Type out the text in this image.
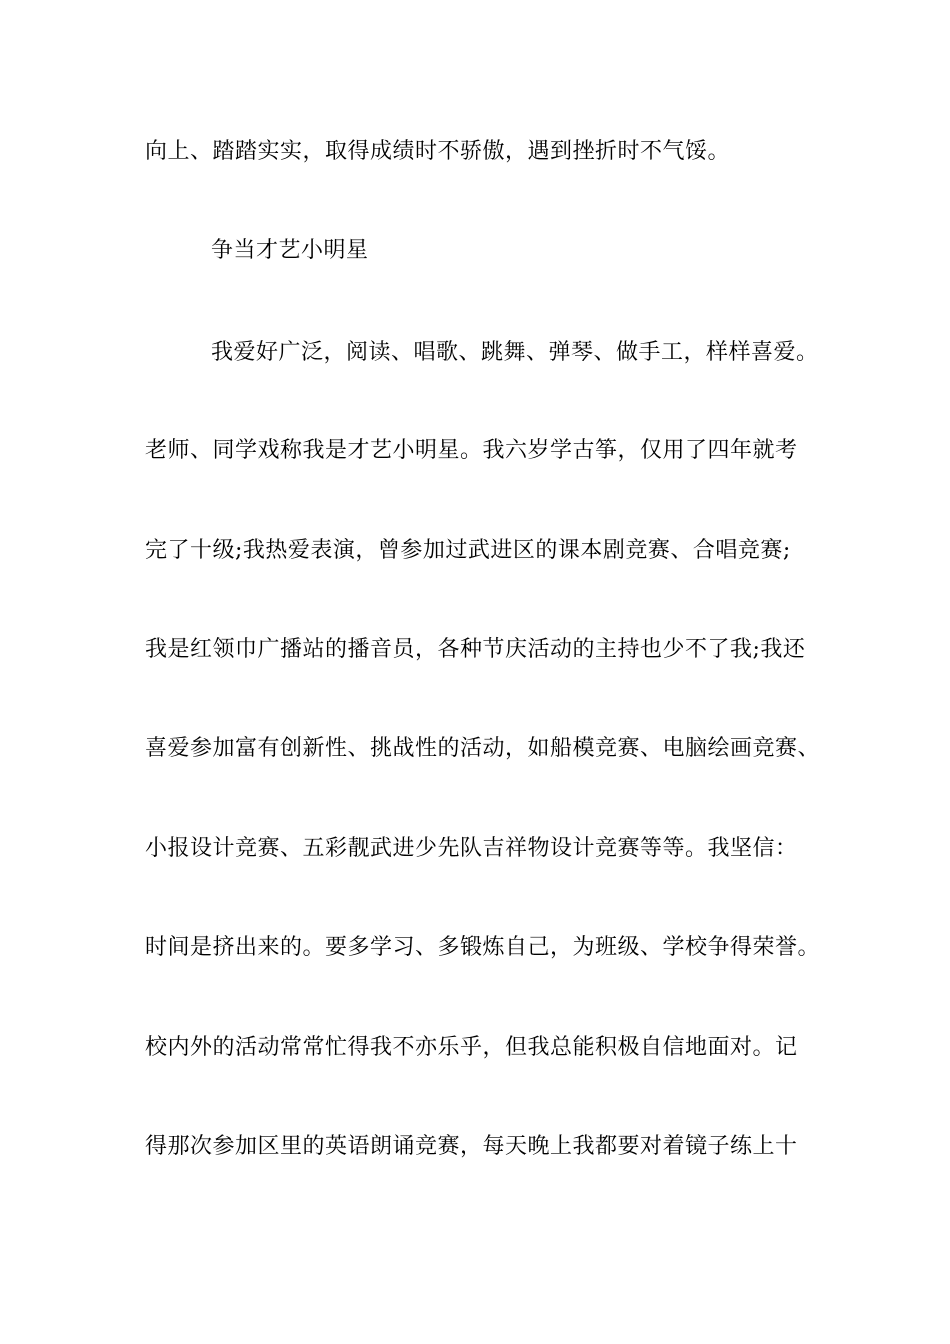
向上、踏踏实实，取得成绩时不骄傲，遇到挫折时不气馁。
争当才艺小明星
我爱好广泛，阅读、唱歌、跳舞、弹琴、做手工，样样喜爱。
老师、同学戏称我是才艺小明星。我六岁学古筝，仅用了四年就考
完了十级;我热爱表演，曾参加过武进区的课本剧竞赛、合唱竞赛;
我是红领巾广播站的播音员，各种节庆活动的主持也少不了我;我还
喜爱参加富有创新性、挑战性的活动，如船模竞赛、电脑绘画竞赛、
小报设计竞赛、五彩靓武进少先队吉祥物设计竞赛等等。我坚信：
时间是挤出来的。要多学习、多锻炼自己，为班级、学校争得荣誉。
校内外的活动常常忙得我不亦乐乎，但我总能积极自信地面对。记
得那次参加区里的英语朗诵竞赛，每天晚上我都要对着镜子练上十
